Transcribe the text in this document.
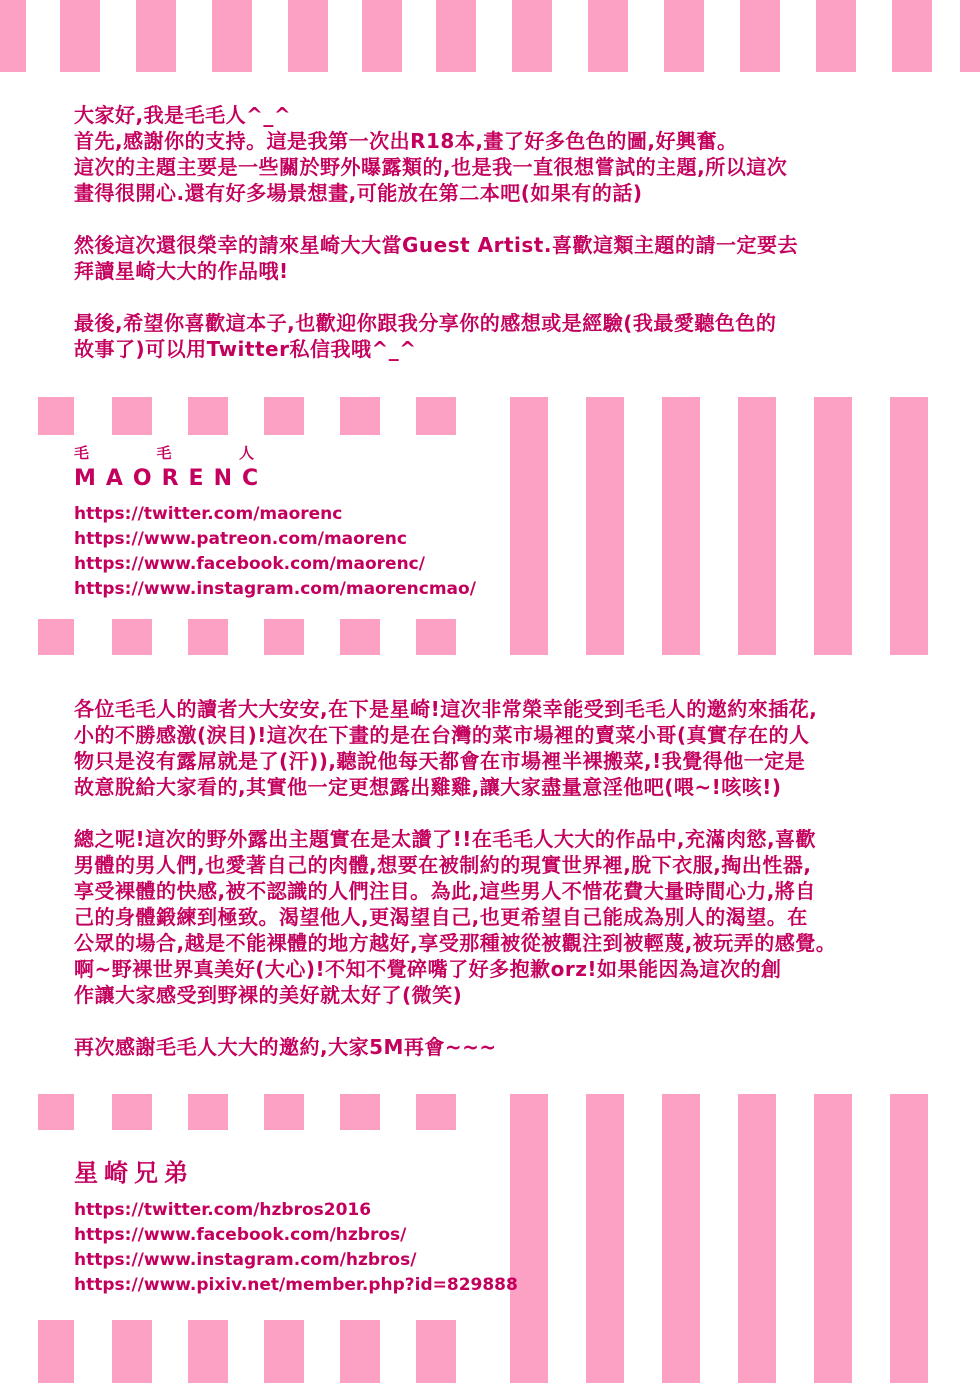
大家好,我是毛毛人^_^

首先,感謝你的支持。這是我第一次出R18本,畫了好多色色的圖,好興奮。

這次的主題主要是一些關於野外曝露類的,也是我一直很想嘗試的主題,所以這次

畫得很開心.還有好多場景想畫,可能放在第二本吧(如果有的話)

然後這次還很榮幸的請來星崎大大當Guest Artist.喜歡這類主題的請一定要去

拜讀星崎大大的作品哦!

最後,希望你喜歡這本子,也歡迎你跟我分享你的感想或是經驗(我最愛聽色色的

故事了)可以用Twitter私信我哦^_^

毛	毛	人
MAORENC
https://twitter.com/maorenc
https://www.patreon.com/maorenc
https://www.facebook.com/maorenc/
https://www.instagram.com/maorencmao/

各位毛毛人的讀者大大安安,在下是星崎!這次非常榮幸能受到毛毛人的邀約來插花,

小的不勝感激(淚目)!這次在下畫的是在台灣的菜市場裡的賣菜小哥(真實存在的人

物只是沒有露屌就是了(汗)),聽說他每天都會在市場裡半裸搬菜,!我覺得他一定是

故意脫給大家看的,其實他一定更想露出雞雞,讓大家盡量意淫他吧(喂~!咳咳!)

總之呢!這次的野外露出主題實在是太讚了!!在毛毛人大大的作品中,充滿肉慾,喜歡

男體的男人們,也愛著自己的肉體,想要在被制約的現實世界裡,脫下衣服,掏出性器,

享受裸體的快感,被不認識的人們注目。為此,這些男人不惜花費大量時間心力,將自

己的身體鍛練到極致。渴望他人,更渴望自己,也更希望自己能成為別人的渴望。在

公眾的場合,越是不能裸體的地方越好,享受那種被從被觀注到被輕蔑,被玩弄的感覺。

啊~野裸世界真美好(大心)!不知不覺碎嘴了好多抱歉orz!如果能因為這次的創

作讓大家感受到野裸的美好就太好了(微笑)

再次感謝毛毛人大大的邀約,大家5M再會~~~

星崎兄弟
https://twitter.com/hzbros2016
https://www.facebook.com/hzbros/
https://www.instagram.com/hzbros/
https://www.pixiv.net/member.php?id=829888
